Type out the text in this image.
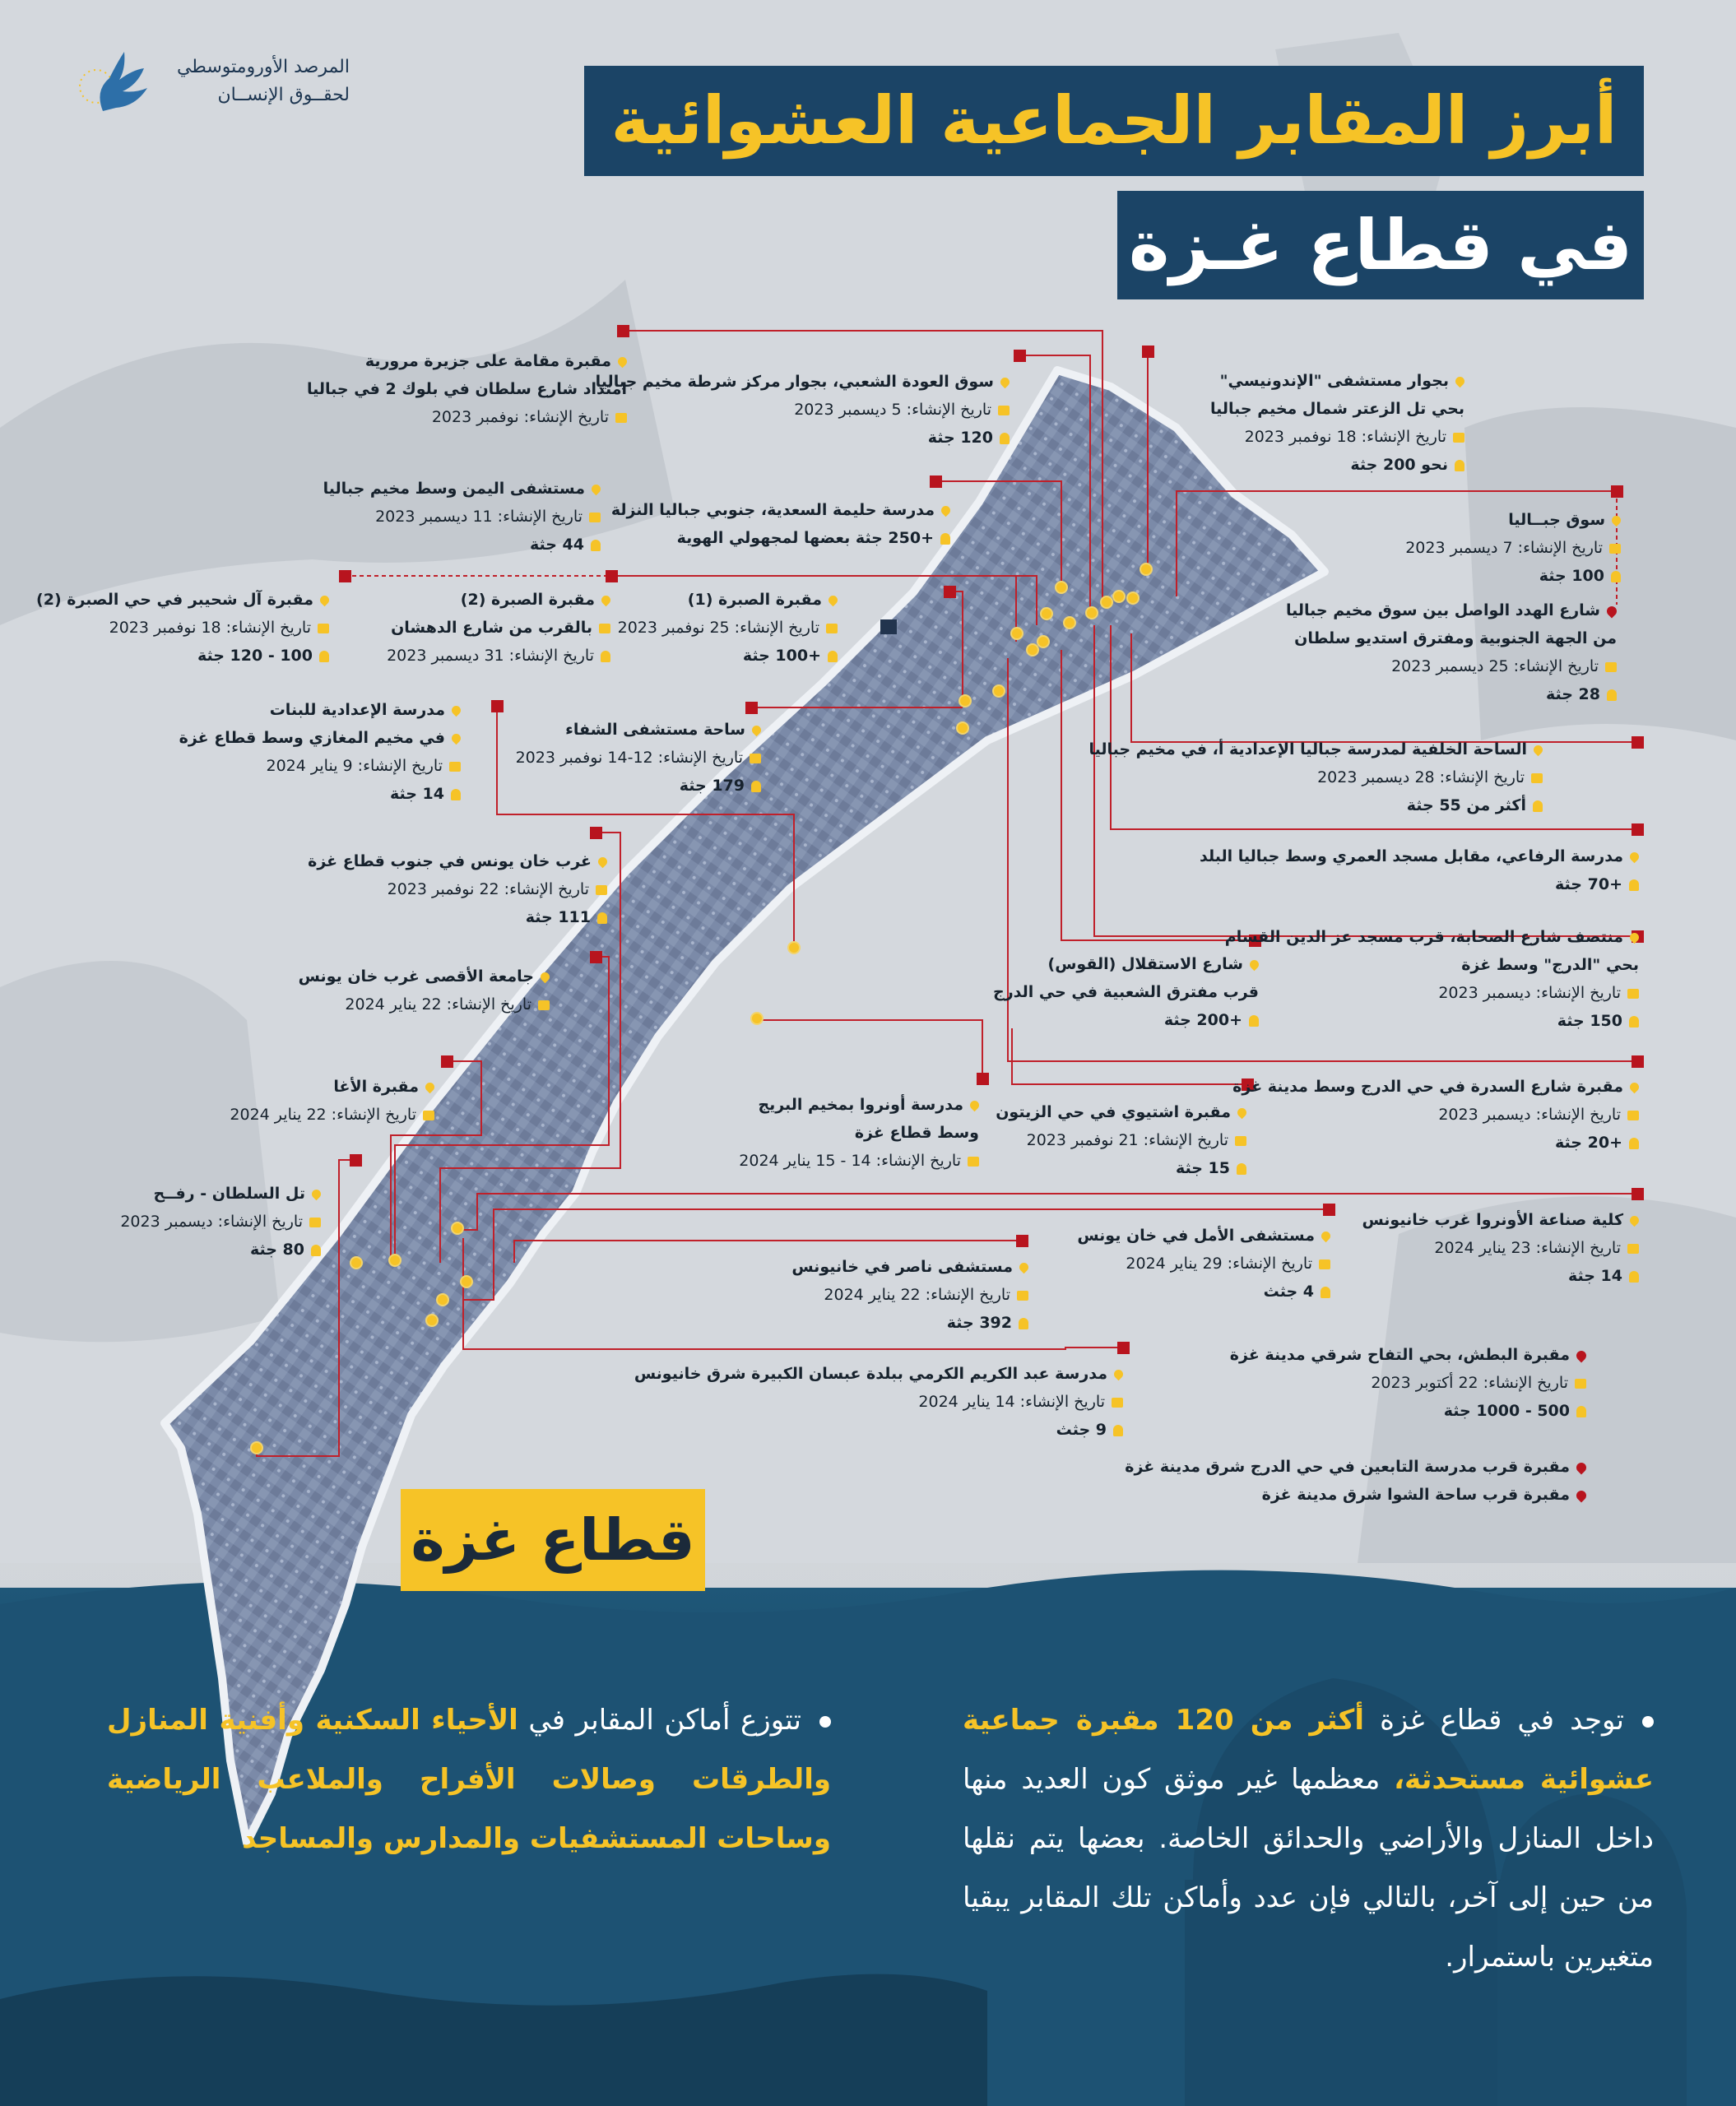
المرصد الأورومتوسطي
لحقــوق الإنســان	أبرز المقابر الجماعية العشوائية
في قطاع غـزة
مقبرة مقامة على جزيرة مرورية
امتداد شارع سلطان في بلوك 2 في جباليا
تاريخ الإنشاء: نوفمبر 2023
سوق العودة الشعبي، بجوار مركز شرطة مخيم جباليا
تاريخ الإنشاء: 5 ديسمبر 2023
120 جثة
بجوار مستشفى "الإندونيسي"
بحي تل الزعتر شمال مخيم جباليا
تاريخ الإنشاء: 18 نوفمبر 2023
نحو 200 جثة
مستشفى اليمن وسط مخيم جباليا
تاريخ الإنشاء: 11 ديسمبر 2023
44 جثة
مدرسة حليمة السعدية، جنوبي جباليا النزلة
+250 جثة بعضها لمجهولي الهوية
سوق جبــاليا
تاريخ الإنشاء: 7 ديسمبر 2023
100 جثة
مقبرة آل شحيبر في حي الصبرة (2)
تاريخ الإنشاء: 18 نوفمبر 2023
100 - 120 جثة
مقبرة الصبرة (2)
بالقرب من شارع الدهشان
تاريخ الإنشاء: 31 ديسمبر 2023
مقبرة الصبرة (1)
تاريخ الإنشاء: 25 نوفمبر 2023
+100 جثة
شارع الهدد الواصل بين سوق مخيم جباليا
من الجهة الجنوبية ومفترق استديو سلطان
تاريخ الإنشاء: 25 ديسمبر 2023
28 جثة
مدرسة الإعدادية للبنات
في مخيم المغازي وسط قطاع غزة
تاريخ الإنشاء: 9 يناير 2024
14 جثة
ساحة مستشفى الشفاء
تاريخ الإنشاء: 12-14 نوفمبر 2023
179 جثة
الساحة الخلفية لمدرسة جباليا الإعدادية أ، في مخيم جباليا
تاريخ الإنشاء: 28 ديسمبر 2023
أكثر من 55 جثة
مدرسة الرفاعي، مقابل مسجد العمري وسط جباليا البلد
+70 جثة
غرب خان يونس في جنوب قطاع غزة
تاريخ الإنشاء: 22 نوفمبر 2023
111 جثة
منتصف شارع الصحابة، قرب مسجد عز الدين القسام
بحي "الدرج" وسط غزة
تاريخ الإنشاء: ديسمبر 2023
150 جثة
شارع الاستقلال (القوس)
قرب مفترق الشعبية في حي الدرج
+200 جثة
جامعة الأقصى غرب خان يونس
تاريخ الإنشاء: 22 يناير 2024
مقبرة الأغا
تاريخ الإنشاء: 22 يناير 2024
مقبرة شارع السدرة في حي الدرج وسط مدينة غزة
تاريخ الإنشاء: ديسمبر 2023
+20 جثة
مدرسة أونروا بمخيم البريج
وسط قطاع غزة
تاريخ الإنشاء: 14 - 15 يناير 2024
مقبرة اشتيوي في حي الزيتون
تاريخ الإنشاء: 21 نوفمبر 2023
15 جثة
تل السلطان - رفــح
تاريخ الإنشاء: ديسمبر 2023
80 جثة
كلية صناعة الأونروا غرب خانيونس
تاريخ الإنشاء: 23 يناير 2024
14 جثة
مستشفى الأمل في خان يونس
تاريخ الإنشاء: 29 يناير 2024
4 جثث
مستشفى ناصر في خانيونس
تاريخ الإنشاء: 22 يناير 2024
392 جثة
مدرسة عبد الكريم الكرمي ببلدة عبسان الكبيرة شرق خانيونس
تاريخ الإنشاء: 14 يناير 2024
9 جثث
مقبرة البطش، بحي التفاح شرقي مدينة غزة
تاريخ الإنشاء: 22 أكتوبر 2023
500 - 1000 جثة
مقبرة قرب مدرسة التابعين في حي الدرج شرق مدينة غزة
مقبرة قرب ساحة الشوا شرق مدينة غزة
قطاع غزة
توجد في قطاع غزة أكثر من 120 مقبرة جماعية عشوائية مستحدثة، معظمها غير موثق كون العديد منها داخل المنازل والأراضي والحدائق الخاصة. بعضها يتم نقلها من حين إلى آخر، بالتالي فإن عدد وأماكن تلك المقابر يبقيا متغيرين باستمرار.
تتوزع أماكن المقابر في الأحياء السكنية وأفنية المنازل والطرقات وصالات الأفراح والملاعب الرياضية وساحات المستشفيات والمدارس والمساجد
